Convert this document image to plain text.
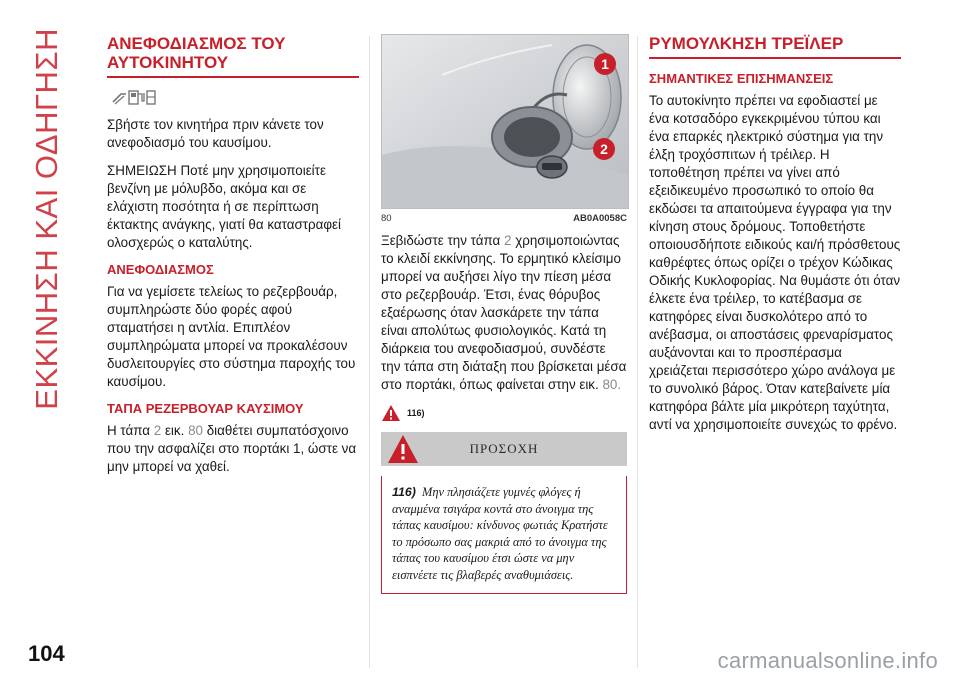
ΕΚΚΙΝΗΣΗ ΚΑΙ ΟΔΗΓΗΣΗ	ΑΝΕΦΟΔΙΑΣΜΟΣ ΤΟΥ ΑΥΤΟΚΙΝΗΤΟΥ

Σβήστε τον κινητήρα πριν κάνετε τον ανεφοδιασμό του καυσίμου.

ΣΗΜΕΙΩΣΗ Ποτέ μην χρησιμοποιείτε βενζίνη με μόλυβδο, ακόμα και σε ελάχιστη ποσότητα ή σε περίπτωση έκτακτης ανάγκης, γιατί θα καταστραφεί ολοσχερώς ο καταλύτης.

ΑΝΕΦΟΔΙΑΣΜΟΣ

Για να γεμίσετε τελείως το ρεζερβουάρ, συμπληρώστε δύο φορές αφού σταματήσει η αντλία. Επιπλέον συμπληρώματα μπορεί να προκαλέσουν δυσλειτουργίες στο σύστημα παροχής του καυσίμου.

ΤΑΠΑ ΡΕΖΕΡΒΟΥΑΡ ΚΑΥΣΙΜΟΥ

Η τάπα 2 εικ. 80 διαθέτει συμπατόσχοινο που την ασφαλίζει στο πορτάκι 1, ώστε να μην μπορεί να χαθεί.

1
2
80	AB0A0058C

Ξεβιδώστε την τάπα 2 χρησιμοποιώντας το κλειδί εκκίνησης. Το ερμητικό κλείσιμο μπορεί να αυξήσει λίγο την πίεση μέσα στο ρεζερβουάρ. Έτσι, ένας θόρυβος εξαέρωσης όταν λασκάρετε την τάπα είναι απολύτως φυσιολογικός. Κατά τη διάρκεια του ανεφοδιασμού, συνδέστε την τάπα στη διάταξη που βρίσκεται μέσα στο πορτάκι, όπως φαίνεται στην εικ. 80.

116)
ΠΡΟΣΟΧΗ
116) Μην πλησιάζετε γυμνές φλόγες ή αναμμένα τσιγάρα κοντά στο άνοιγμα της τάπας καυσίμου: κίνδυνος φωτιάς Κρατήστε το πρόσωπο σας μακριά από το άνοιγμα της τάπας του καυσίμου έτσι ώστε να μην εισπνέετε τις βλαβερές αναθυμιάσεις.
ΡΥΜΟΥΛΚΗΣΗ ΤΡΕΪΛΕΡ
ΣΗΜΑΝΤΙΚΕΣ ΕΠΙΣΗΜΑΝΣΕΙΣ

Το αυτοκίνητο πρέπει να εφοδιαστεί με ένα κοτσαδόρο εγκεκριμένου τύπου και ένα επαρκές ηλεκτρικό σύστημα για την έλξη τροχόσπιτων ή τρέιλερ. Η τοποθέτηση πρέπει να γίνει από εξειδικευμένο προσωπικό το οποίο θα εκδώσει τα απαιτούμενα έγγραφα για την κίνηση στους δρόμους. Τοποθετήστε οποιουσδήποτε ειδικούς και/ή πρόσθετους καθρέφτες όπως ορίζει ο τρέχον Κώδικας Οδικής Κυκλοφορίας. Να θυμάστε ότι όταν έλκετε ένα τρέιλερ, το κατέβασμα σε κατηφόρες είναι δυσκολότερο από το ανέβασμα, οι αποστάσεις φρεναρίσματος αυξάνονται και το προσπέρασμα χρειάζεται περισσότερο χώρο ανάλογα με το συνολικό βάρος. Όταν κατεβαίνετε μία κατηφόρα βάλτε μία μικρότερη ταχύτητα, αντί να χρησιμοποιείτε συνεχώς το φρένο.

104	carmanualsonline.info
